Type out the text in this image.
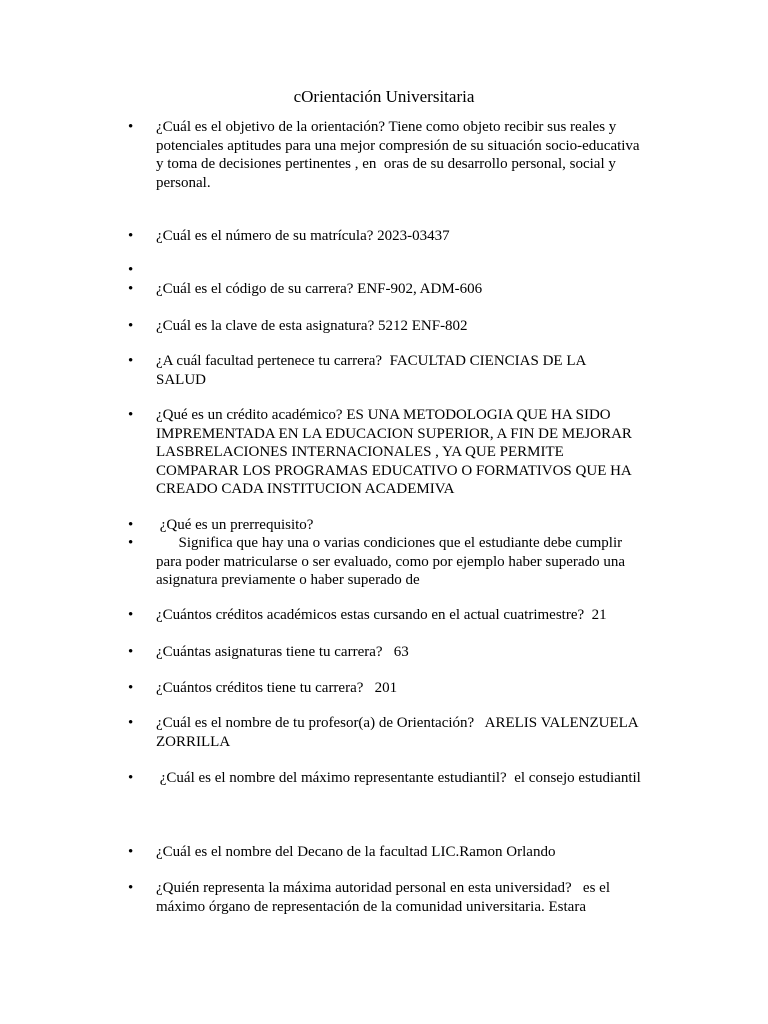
cOrientación Universitaria
• ¿Cuál es el objetivo de la orientación? Tiene como objeto recibir sus reales y
potenciales aptitudes para una mejor compresión de su situación socio-educativa
y toma de decisiones pertinentes , en  oras de su desarrollo personal, social y
personal.
• ¿Cuál es el número de su matrícula? 2023-03437
•
• ¿Cuál es el código de su carrera? ENF-902, ADM-606
• ¿Cuál es la clave de esta asignatura? 5212 ENF-802
• ¿A cuál facultad pertenece tu carrera?  FACULTAD CIENCIAS DE LA
SALUD
• ¿Qué es un crédito académico? ES UNA METODOLOGIA QUE HA SIDO
IMPREMENTADA EN LA EDUCACION SUPERIOR, A FIN DE MEJORAR
LASBRELACIONES INTERNACIONALES , YA QUE PERMITE
COMPARAR LOS PROGRAMAS EDUCATIVO O FORMATIVOS QUE HA
CREADO CADA INSTITUCION ACADEMIVA
• ¿Qué es un prerrequisito?
•	Significa que hay una o varias condiciones que el estudiante debe cumplir
para poder matricularse o ser evaluado, como por ejemplo haber superado una
asignatura previamente o haber superado de
• ¿Cuántos créditos académicos estas cursando en el actual cuatrimestre?  21
• ¿Cuántas asignaturas tiene tu carrera?   63
• ¿Cuántos créditos tiene tu carrera?   201
• ¿Cuál es el nombre de tu profesor(a) de Orientación?   ARELIS VALENZUELA
ZORRILLA
• ¿Cuál es el nombre del máximo representante estudiantil?  el consejo estudiantil
• ¿Cuál es el nombre del Decano de la facultad LIC.Ramon Orlando
• ¿Quién representa la máxima autoridad personal en esta universidad?   es el
máximo órgano de representación de la comunidad universitaria. Estara
